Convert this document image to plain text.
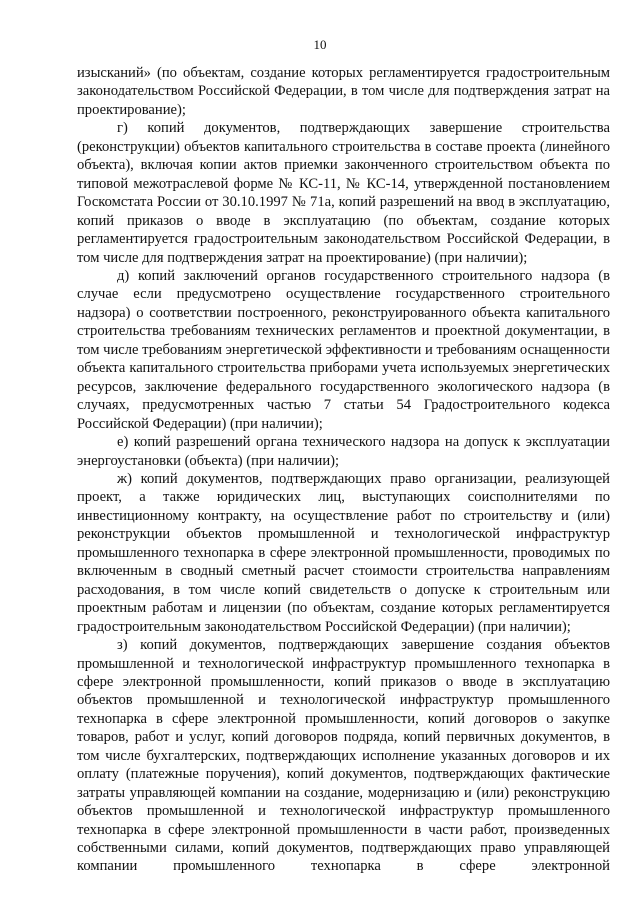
10

изысканий» (по объектам, создание которых регламентируется градостроительным законодательством Российской Федерации, в том числе для подтверждения затрат на проектирование);

г) копий документов, подтверждающих завершение строительства (реконструкции) объектов капитального строительства в составе проекта (линейного объекта), включая копии актов приемки законченного строительством объекта по типовой межотраслевой форме № КС-11, № КС-14, утвержденной постановлением Госкомстата России от 30.10.1997 № 71а, копий разрешений на ввод в эксплуатацию, копий приказов о вводе в эксплуатацию (по объектам, создание которых регламентируется градостроительным законодательством Российской Федерации, в том числе для подтверждения затрат на проектирование) (при наличии);

д) копий заключений органов государственного строительного надзора (в случае если предусмотрено осуществление государственного строительного надзора) о соответствии построенного, реконструированного объекта капитального строительства требованиям технических регламентов и проектной документации, в том числе требованиям энергетической эффективности и требованиям оснащенности объекта капитального строительства приборами учета используемых энергетических ресурсов, заключение федерального государственного экологического надзора (в случаях, предусмотренных частью 7 статьи 54 Градостроительного кодекса Российской Федерации) (при наличии);

е) копий разрешений органа технического надзора на допуск к эксплуатации энергоустановки (объекта) (при наличии);

ж) копий документов, подтверждающих право организации, реализующей проект, а также юридических лиц, выступающих соисполнителями по инвестиционному контракту, на осуществление работ по строительству и (или) реконструкции объектов промышленной и технологической инфраструктур промышленного технопарка в сфере электронной промышленности, проводимых по включенным в сводный сметный расчет стоимости строительства направлениям расходования, в том числе копий свидетельств о допуске к строительным или проектным работам и лицензии (по объектам, создание которых регламентируется градостроительным законодательством Российской Федерации) (при наличии);

з) копий документов, подтверждающих завершение создания объектов промышленной и технологической инфраструктур промышленного технопарка в сфере электронной промышленности, копий приказов о вводе в эксплуатацию объектов промышленной и технологической инфраструктур промышленного технопарка в сфере электронной промышленности, копий договоров о закупке товаров, работ и услуг, копий договоров подряда, копий первичных документов, в том числе бухгалтерских, подтверждающих исполнение указанных договоров и их оплату (платежные поручения), копий документов, подтверждающих фактические затраты управляющей компании на создание, модернизацию и (или) реконструкцию объектов промышленной и технологической инфраструктур промышленного технопарка в сфере электронной промышленности в части работ, произведенных собственными силами, копий документов, подтверждающих право управляющей компании промышленного технопарка в сфере электронной
